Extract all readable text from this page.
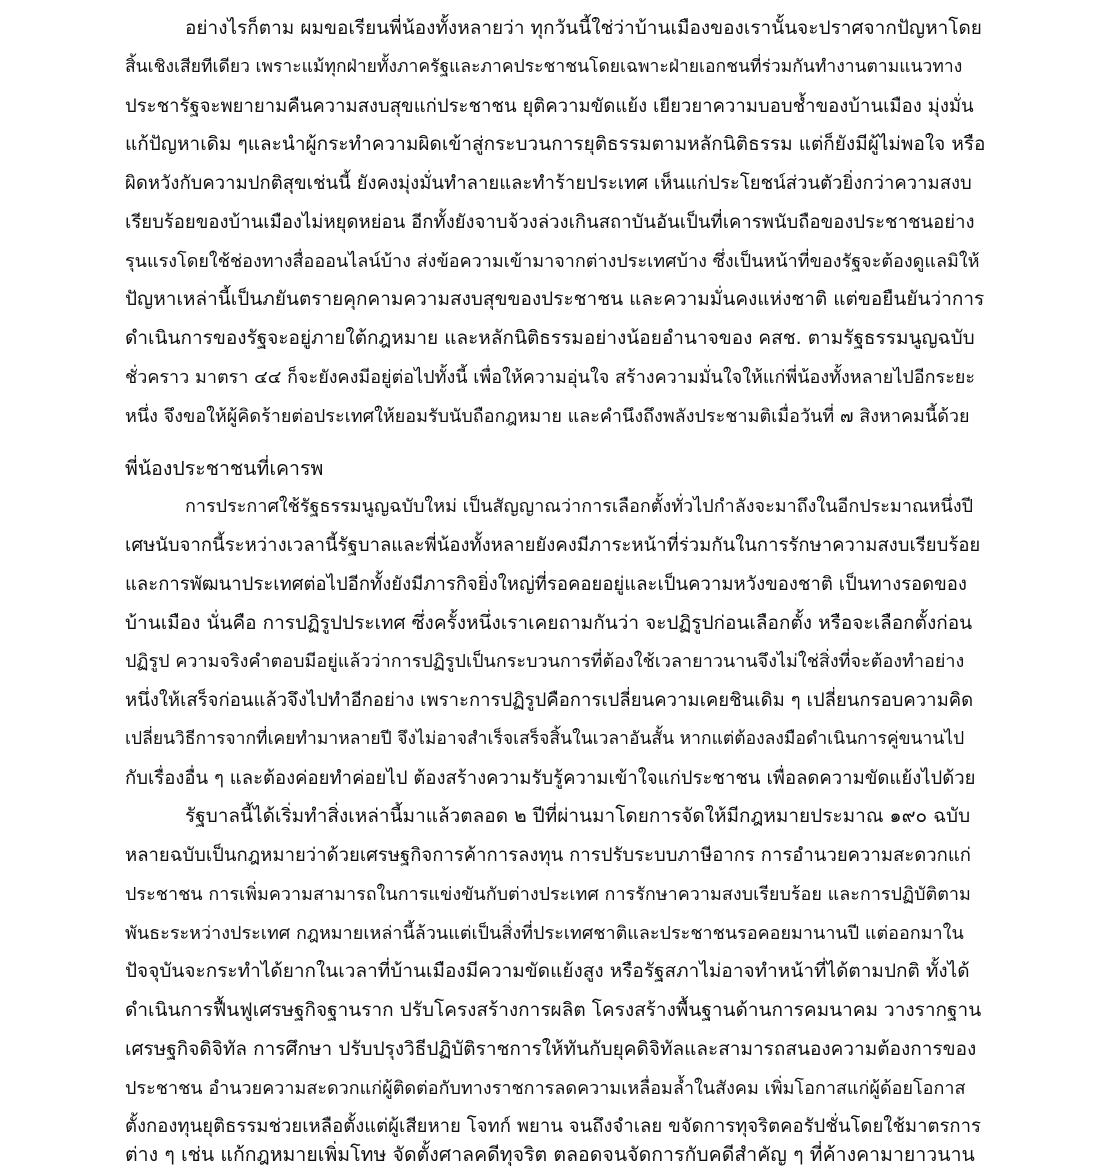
อย่างไรก็ตาม ผมขอเรียนพี่น้องทั้งหลายว่า ทุกวันนี้ใช่ว่าบ้านเมืองของเรานั้นจะปราศจากปัญหาโดย
สิ้นเชิงเสียทีเดียว เพราะแม้ทุกฝ่ายทั้งภาครัฐและภาคประชาชนโดยเฉพาะฝ่ายเอกชนที่ร่วมกันทำงานตามแนวทาง
ประชารัฐจะพยายามคืนความสงบสุขแก่ประชาชน ยุติความขัดแย้ง เยียวยาความบอบช้ำของบ้านเมือง มุ่งมั่น
แก้ปัญหาเดิม ๆและนำผู้กระทำความผิดเข้าสู่กระบวนการยุติธรรมตามหลักนิติธรรม แต่ก็ยังมีผู้ไม่พอใจ หรือ
ผิดหวังกับความปกติสุขเช่นนี้ ยังคงมุ่งมั่นทำลายและทำร้ายประเทศ เห็นแก่ประโยชน์ส่วนตัวยิ่งกว่าความสงบ
เรียบร้อยของบ้านเมืองไม่หยุดหย่อน อีกทั้งยังจาบจ้วงล่วงเกินสถาบันอันเป็นที่เคารพนับถือของประชาชนอย่าง
รุนแรงโดยใช้ช่องทางสื่อออนไลน์บ้าง ส่งข้อความเข้ามาจากต่างประเทศบ้าง ซึ่งเป็นหน้าที่ของรัฐจะต้องดูแลมิให้
ปัญหาเหล่านี้เป็นภยันตรายคุกคามความสงบสุขของประชาชน และความมั่นคงแห่งชาติ แต่ขอยืนยันว่าการ
ดำเนินการของรัฐจะอยู่ภายใต้กฎหมาย และหลักนิติธรรมอย่างน้อยอำนาจของ คสช. ตามรัฐธรรมนูญฉบับ
ชั่วคราว มาตรา ๔๔ ก็จะยังคงมีอยู่ต่อไปทั้งนี้ เพื่อให้ความอุ่นใจ สร้างความมั่นใจให้แก่พี่น้องทั้งหลายไปอีกระยะ
หนึ่ง จึงขอให้ผู้คิดร้ายต่อประเทศให้ยอมรับนับถือกฎหมาย และคำนึงถึงพลังประชามติเมื่อวันที่ ๗ สิงหาคมนี้ด้วย
พี่น้องประชาชนที่เคารพ
การประกาศใช้รัฐธรรมนูญฉบับใหม่ เป็นสัญญาณว่าการเลือกตั้งทั่วไปกำลังจะมาถึงในอีกประมาณหนึ่งปี
เศษนับจากนี้ระหว่างเวลานี้รัฐบาลและพี่น้องทั้งหลายยังคงมีภาระหน้าที่ร่วมกันในการรักษาความสงบเรียบร้อย
และการพัฒนาประเทศต่อไปอีกทั้งยังมีภารกิจยิ่งใหญ่ที่รอคอยอยู่และเป็นความหวังของชาติ เป็นทางรอดของ
บ้านเมือง นั่นคือ การปฏิรูปประเทศ ซึ่งครั้งหนึ่งเราเคยถามกันว่า จะปฏิรูปก่อนเลือกตั้ง หรือจะเลือกตั้งก่อน
ปฏิรูป ความจริงคำตอบมีอยู่แล้วว่าการปฏิรูปเป็นกระบวนการที่ต้องใช้เวลายาวนานจึงไม่ใช่สิ่งที่จะต้องทำอย่าง
หนึ่งให้เสร็จก่อนแล้วจึงไปทำอีกอย่าง เพราะการปฏิรูปคือการเปลี่ยนความเคยชินเดิม ๆ เปลี่ยนกรอบความคิด
เปลี่ยนวิธีการจากที่เคยทำมาหลายปี จึงไม่อาจสำเร็จเสร็จสิ้นในเวลาอันสั้น หากแต่ต้องลงมือดำเนินการคู่ขนานไป
กับเรื่องอื่น ๆ และต้องค่อยทำค่อยไป ต้องสร้างความรับรู้ความเข้าใจแก่ประชาชน เพื่อลดความขัดแย้งไปด้วย
รัฐบาลนี้ได้เริ่มทำสิ่งเหล่านี้มาแล้วตลอด ๒ ปีที่ผ่านมาโดยการจัดให้มีกฎหมายประมาณ ๑๙๐ ฉบับ
หลายฉบับเป็นกฎหมายว่าด้วยเศรษฐกิจการค้าการลงทุน การปรับระบบภาษีอากร การอำนวยความสะดวกแก่
ประชาชน การเพิ่มความสามารถในการแข่งขันกับต่างประเทศ การรักษาความสงบเรียบร้อย และการปฏิบัติตาม
พันธะระหว่างประเทศ กฎหมายเหล่านี้ล้วนแต่เป็นสิ่งที่ประเทศชาติและประชาชนรอคอยมานานปี แต่ออกมาใน
ปัจจุบันจะกระทำได้ยากในเวลาที่บ้านเมืองมีความขัดแย้งสูง หรือรัฐสภาไม่อาจทำหน้าที่ได้ตามปกติ ทั้งได้
ดำเนินการฟื้นฟูเศรษฐกิจฐานราก ปรับโครงสร้างการผลิต โครงสร้างพื้นฐานด้านการคมนาคม วางรากฐาน
เศรษฐกิจดิจิทัล การศึกษา ปรับปรุงวิธีปฏิบัติราชการให้ทันกับยุคดิจิทัลและสามารถสนองความต้องการของ
ประชาชน อำนวยความสะดวกแก่ผู้ติดต่อกับทางราชการลดความเหลื่อมล้ำในสังคม เพิ่มโอกาสแก่ผู้ด้อยโอกาส
ตั้งกองทุนยุติธรรมช่วยเหลือตั้งแต่ผู้เสียหาย โจทก์ พยาน จนถึงจำเลย ขจัดการทุจริตคอรัปชั่นโดยใช้มาตรการ
ต่าง ๆ เช่น แก้กฎหมายเพิ่มโทษ จัดตั้งศาลคดีทุจริต ตลอดจนจัดการกับคดีสำคัญ ๆ ที่ค้างคามายาวนาน
